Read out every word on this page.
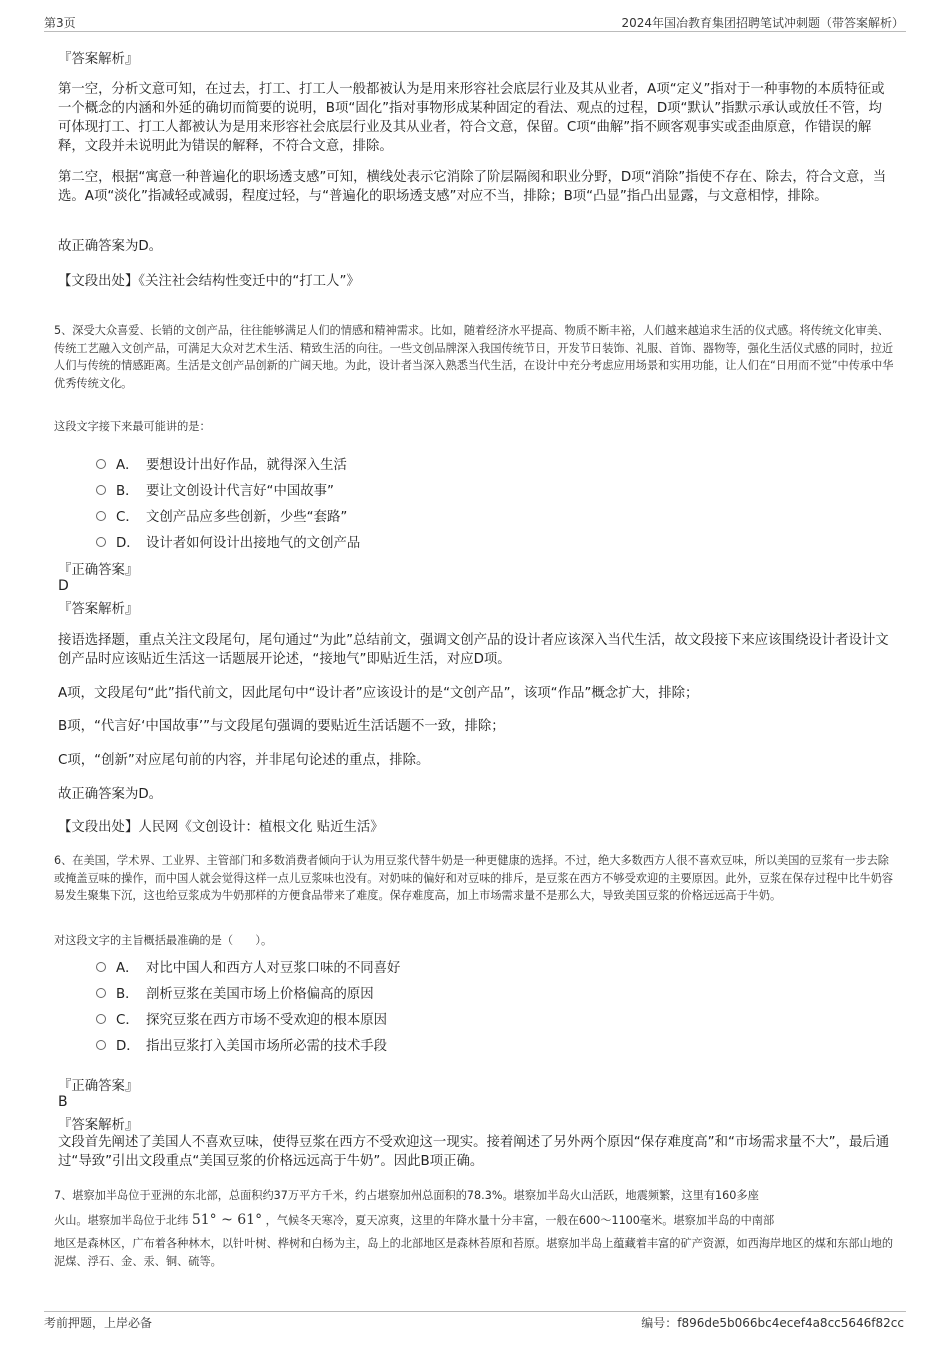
第3页	2024年国冶教育集团招聘笔试冲刺题（带答案解析）
『答案解析』
第一空，分析文意可知，在过去，打工、打工人一般都被认为是用来形容社会底层行业及其从业者，A项“定义”指对于一种事物的本质特征或一个概念的内涵和外延的确切而简要的说明，B项“固化”指对事物形成某种固定的看法、观点的过程，D项“默认”指默示承认或放任不管，均可体现打工、打工人都被认为是用来形容社会底层行业及其从业者，符合文意，保留。C项“曲解”指不顾客观事实或歪曲原意，作错误的解释，文段并未说明此为错误的解释，不符合文意，排除。
第二空，根据“寓意一种普遍化的职场透支感”可知，横线处表示它消除了阶层隔阂和职业分野，D项“消除”指使不存在、除去，符合文意，当选。A项“淡化”指减轻或减弱，程度过轻，与“普遍化的职场透支感”对应不当，排除；B项“凸显”指凸出显露，与文意相悖，排除。
故正确答案为D。
【文段出处】《关注社会结构性变迁中的“打工人”》
5、深受大众喜爱、长销的文创产品，往往能够满足人们的情感和精神需求。比如，随着经济水平提高、物质不断丰裕，人们越来越追求生活的仪式感。将传统文化审美、传统工艺融入文创产品，可满足大众对艺术生活、精致生活的向往。一些文创品牌深入我国传统节日，开发节日装饰、礼服、首饰、器物等，强化生活仪式感的同时，拉近人们与传统的情感距离。生活是文创产品创新的广阔天地。为此，设计者当深入熟悉当代生活，在设计中充分考虑应用场景和实用功能，让人们在“日用而不觉”中传承中华优秀传统文化。
这段文字接下来最可能讲的是：
A． 要想设计出好作品，就得深入生活
B． 要让文创设计代言好“中国故事”
C． 文创产品应多些创新，少些“套路”
D． 设计者如何设计出接地气的文创产品
『正确答案』
D
『答案解析』
接语选择题，重点关注文段尾句，尾句通过“为此”总结前文，强调文创产品的设计者应该深入当代生活，故文段接下来应该围绕设计者设计文创产品时应该贴近生活这一话题展开论述，“接地气”即贴近生活，对应D项。
A项，文段尾句“此”指代前文，因此尾句中“设计者”应该设计的是“文创产品”，该项“作品”概念扩大，排除；
B项，“代言好‘中国故事’”与文段尾句强调的要贴近生活话题不一致，排除；
C项，“创新”对应尾句前的内容，并非尾句论述的重点，排除。
故正确答案为D。
【文段出处】人民网《文创设计：植根文化 贴近生活》
6、在美国，学术界、工业界、主管部门和多数消费者倾向于认为用豆浆代替牛奶是一种更健康的选择。不过，绝大多数西方人很不喜欢豆味，所以美国的豆浆有一步去除或掩盖豆味的操作，而中国人就会觉得这样一点儿豆浆味也没有。对奶味的偏好和对豆味的排斥，是豆浆在西方不够受欢迎的主要原因。此外，豆浆在保存过程中比牛奶容易发生聚集下沉，这也给豆浆成为牛奶那样的方便食品带来了难度。保存难度高，加上市场需求量不是那么大，导致美国豆浆的价格远远高于牛奶。
对这段文字的主旨概括最准确的是（　　）。
A． 对比中国人和西方人对豆浆口味的不同喜好
B． 剖析豆浆在美国市场上价格偏高的原因
C． 探究豆浆在西方市场不受欢迎的根本原因
D． 指出豆浆打入美国市场所必需的技术手段
『正确答案』
B
『答案解析』
文段首先阐述了美国人不喜欢豆味，使得豆浆在西方不受欢迎这一现实。接着阐述了另外两个原因“保存难度高”和“市场需求量不大”，最后通过“导致”引出文段重点“美国豆浆的价格远远高于牛奶”。因此B项正确。
7、堪察加半岛位于亚洲的东北部，总面积约37万平方千米，约占堪察加州总面积的78.3%。堪察加半岛火山活跃，地震频繁，这里有160多座
火山。堪察加半岛位于北纬 51° ~ 61° ，气候冬天寒冷，夏天凉爽，这里的年降水量十分丰富，一般在600～1100毫米。堪察加半岛的中南部
地区是森林区，广布着各种林木，以针叶树、桦树和白杨为主，岛上的北部地区是森林苔原和苔原。堪察加半岛上蕴藏着丰富的矿产资源，如西海岸地区的煤和东部山地的泥煤、浮石、金、汞、铜、硫等。
考前押题，上岸必备	编号：f896de5b066bc4ecef4a8cc5646f82cc
